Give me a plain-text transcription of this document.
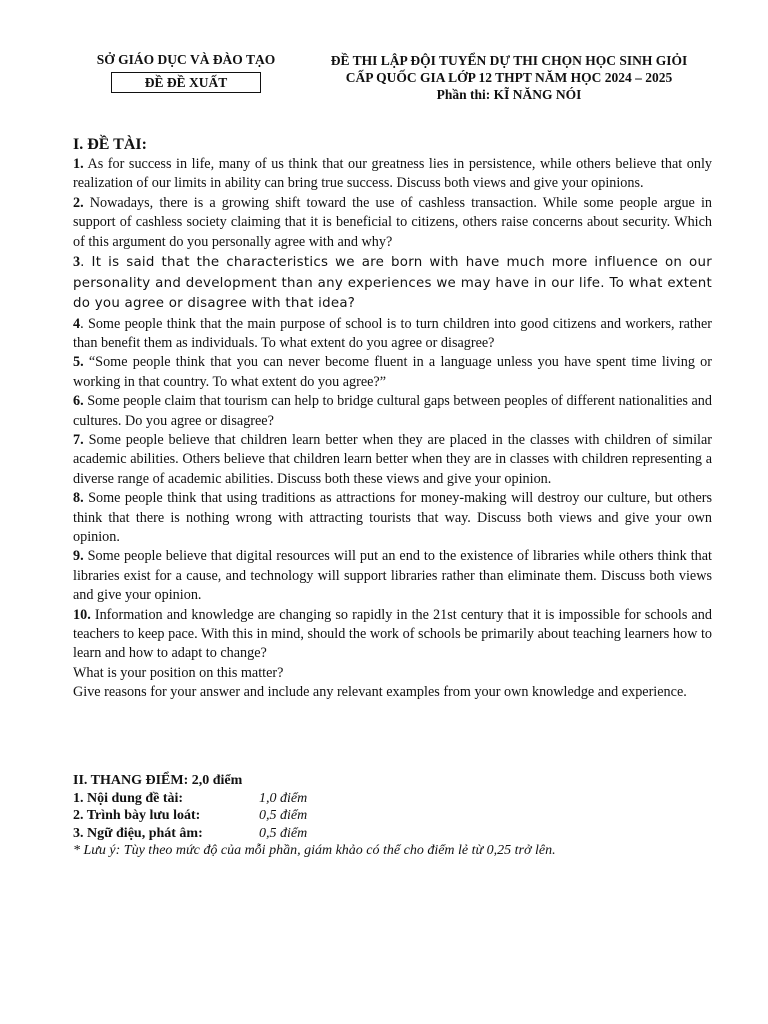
SỞ GIÁO DỤC VÀ ĐÀO TẠO
ĐỀ ĐỀ XUẤT
ĐỀ THI LẬP ĐỘI TUYỂN DỰ THI CHỌN HỌC SINH GIỎI
CẤP QUỐC GIA LỚP 12 THPT NĂM HỌC 2024 – 2025
Phần thi: KĨ NĂNG NÓI
I. ĐỀ TÀI:

1. As for success in life, many of us think that our greatness lies in persistence, while others believe that only realization of our limits in ability can bring true success. Discuss both views and give your opinions.

2. Nowadays, there is a growing shift toward the use of cashless transaction. While some people argue in support of cashless society claiming that it is beneficial to citizens, others raise concerns about security. Which of this argument do you personally agree with and why?

3. It is said that the characteristics we are born with have much more influence on our personality and development than any experiences we may have in our life. To what extent do you agree or disagree with that idea?

4. Some people think that the main purpose of school is to turn children into good citizens and workers, rather than benefit them as individuals. To what extent do you agree or disagree?

5. “Some people think that you can never become fluent in a language unless you have spent time living or working in that country. To what extent do you agree?”

6. Some people claim that tourism can help to bridge cultural gaps between peoples of different nationalities and cultures. Do you agree or disagree?

7. Some people believe that children learn better when they are placed in the classes with children of similar academic abilities. Others believe that children learn better when they are in classes with children representing a diverse range of academic abilities. Discuss both these views and give your opinion.

8. Some people think that using traditions as attractions for money-making will destroy our culture, but others think that there is nothing wrong with attracting tourists that way. Discuss both views and give your own opinion.

9. Some people believe that digital resources will put an end to the existence of libraries while others think that libraries exist for a cause, and technology will support libraries rather than eliminate them. Discuss both views and give your opinion.

10. Information and knowledge are changing so rapidly in the 21st century that it is impossible for schools and teachers to keep pace. With this in mind, should the work of schools be primarily about teaching learners how to learn and how to adapt to change?

What is your position on this matter?

Give reasons for your answer and include any relevant examples from your own knowledge and experience.

II. THANG ĐIỂM: 2,0 điểm
1. Nội dung đề tài:	1,0 điểm
2. Trình bày lưu loát:	0,5 điểm
3. Ngữ điệu, phát âm:	0,5 điểm
* Lưu ý: Tùy theo mức độ của mỗi phần, giám khảo có thể cho điểm lẻ từ 0,25 trở lên.
